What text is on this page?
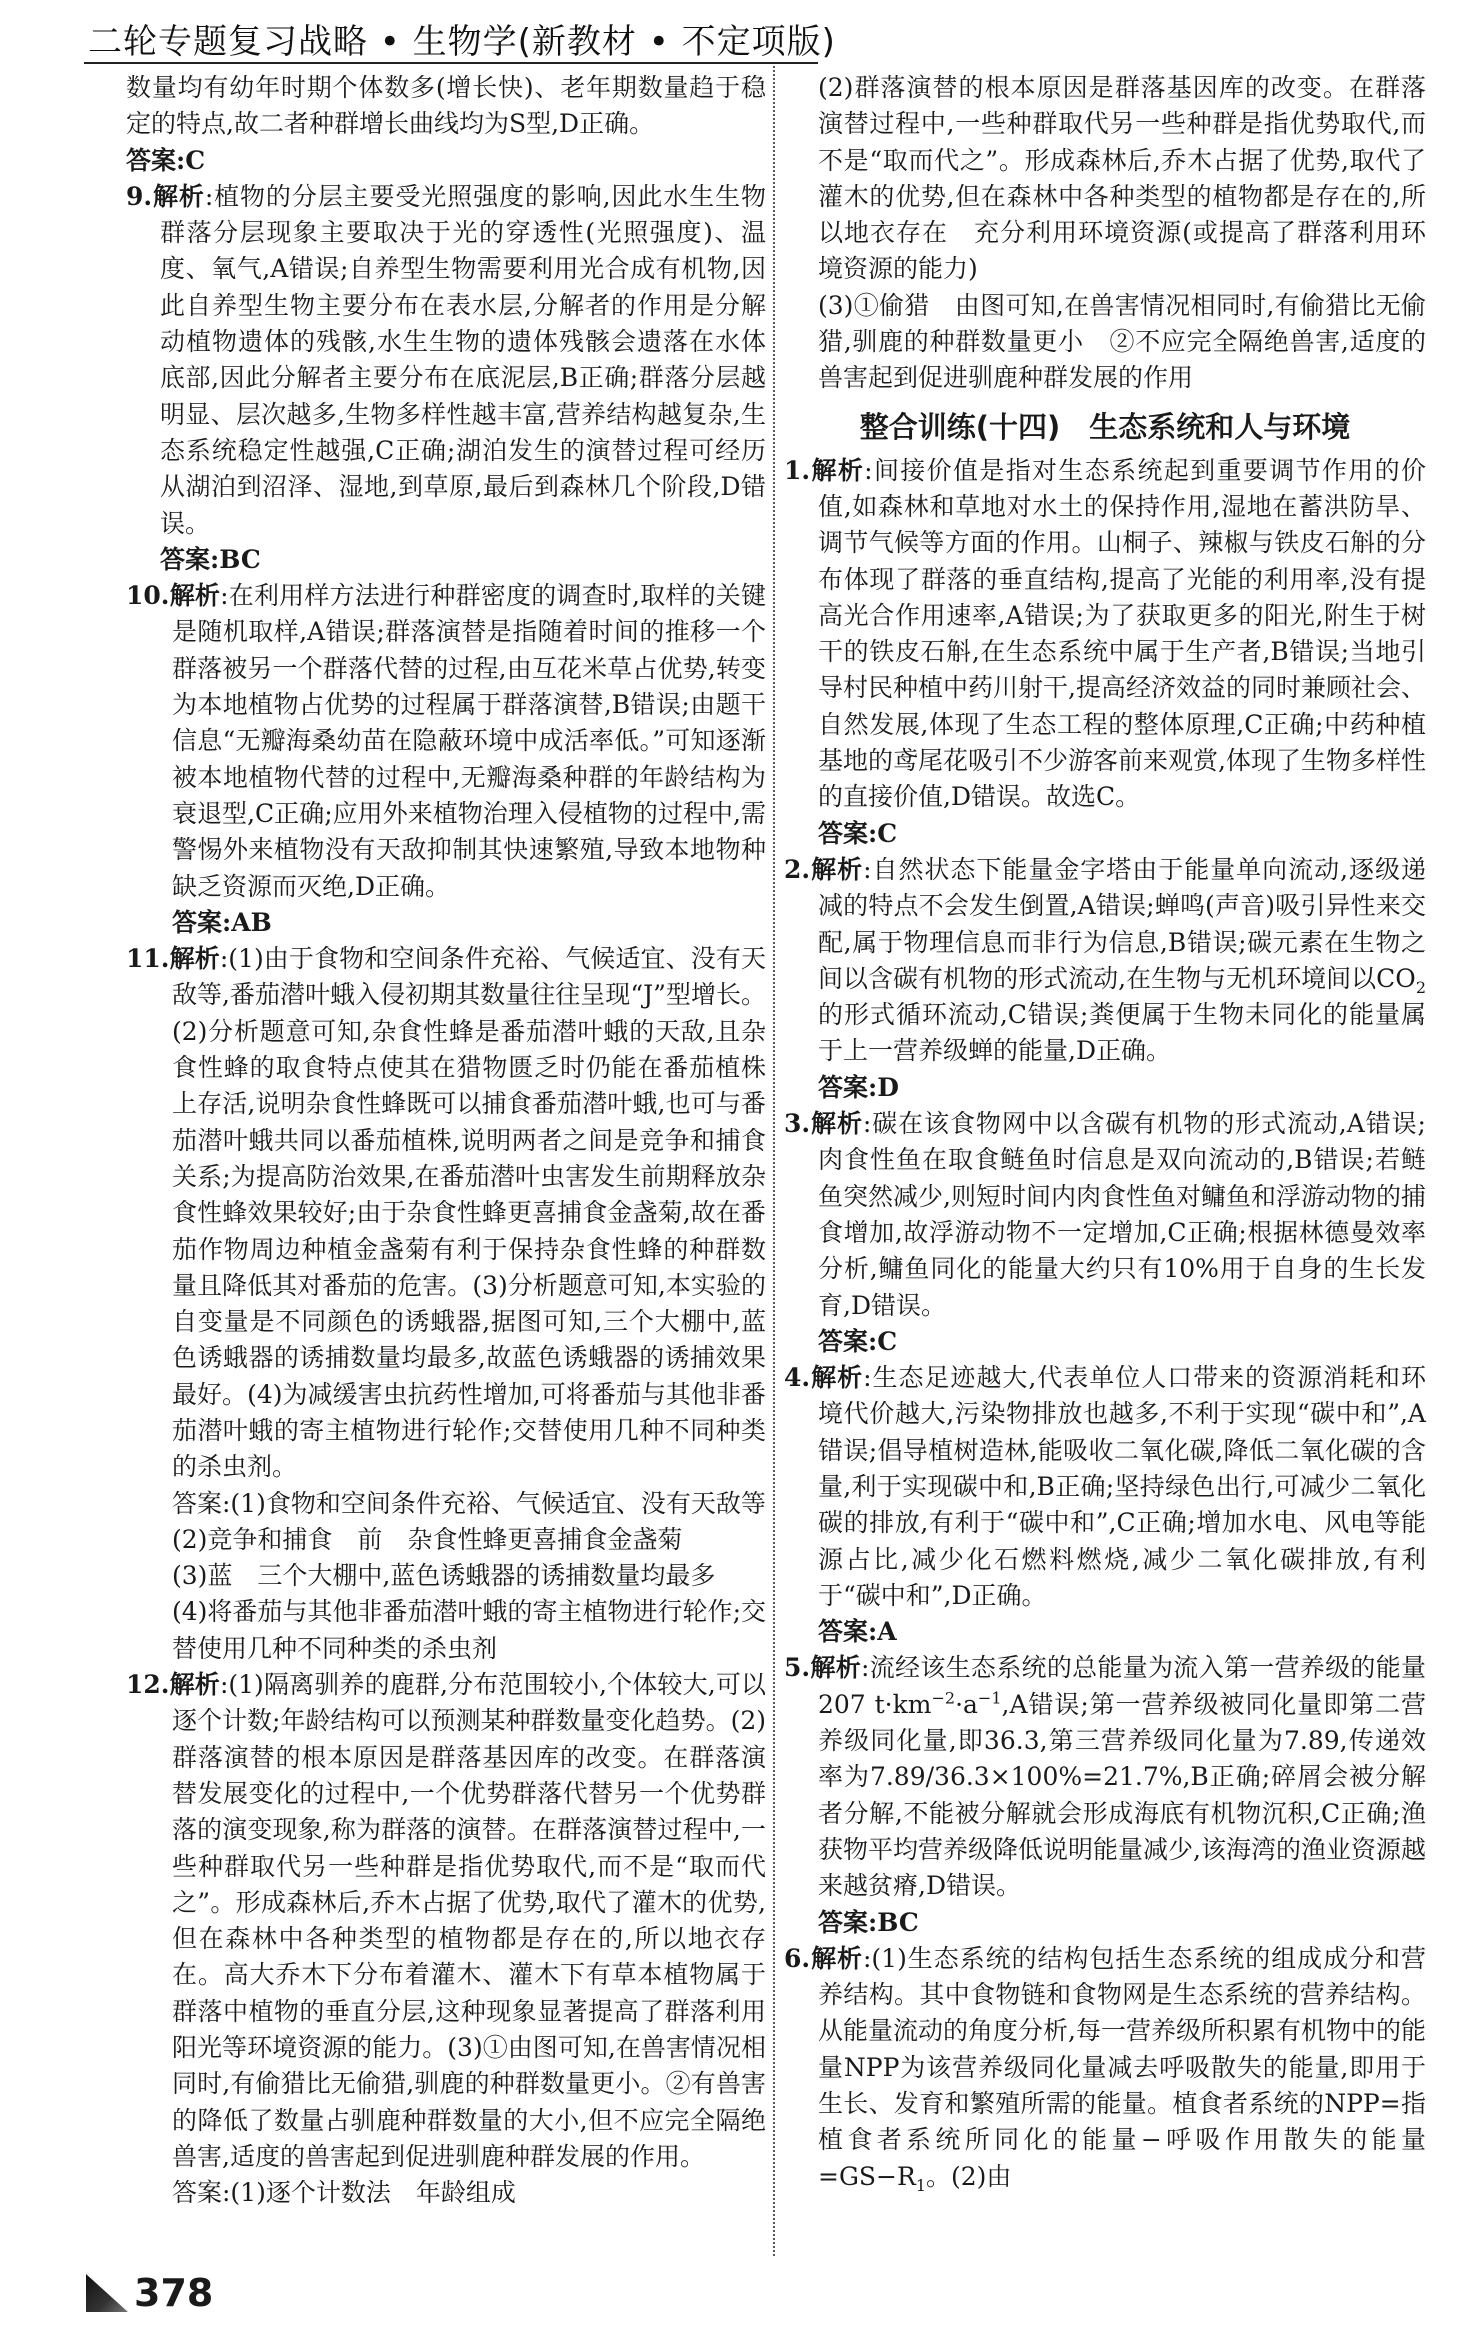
二轮专题复习战略 • 生物学(新教材 • 不定项版)

数量均有幼年时期个体数多(增长快)、老年期数量趋于稳定的特点,故二者种群增长曲线均为S型,D正确。

答案:C

9.解析:植物的分层主要受光照强度的影响,因此水生生物群落分层现象主要取决于光的穿透性(光照强度)、温度、氧气,A错误;自养型生物需要利用光合成有机物,因此自养型生物主要分布在表水层,分解者的作用是分解动植物遗体的残骸,水生生物的遗体残骸会遗落在水体底部,因此分解者主要分布在底泥层,B正确;群落分层越明显、层次越多,生物多样性越丰富,营养结构越复杂,生态系统稳定性越强,C正确;湖泊发生的演替过程可经历从湖泊到沼泽、湿地,到草原,最后到森林几个阶段,D错误。

答案:BC

10.解析:在利用样方法进行种群密度的调查时,取样的关键是随机取样,A错误;群落演替是指随着时间的推移一个群落被另一个群落代替的过程,由互花米草占优势,转变为本地植物占优势的过程属于群落演替,B错误;由题干信息“无瓣海桑幼苗在隐蔽环境中成活率低。”可知逐渐被本地植物代替的过程中,无瓣海桑种群的年龄结构为衰退型,C正确;应用外来植物治理入侵植物的过程中,需警惕外来植物没有天敌抑制其快速繁殖,导致本地物种缺乏资源而灭绝,D正确。

答案:AB

11.解析:(1)由于食物和空间条件充裕、气候适宜、没有天敌等,番茄潜叶蛾入侵初期其数量往往呈现“J”型增长。(2)分析题意可知,杂食性蜂是番茄潜叶蛾的天敌,且杂食性蜂的取食特点使其在猎物匮乏时仍能在番茄植株上存活,说明杂食性蜂既可以捕食番茄潜叶蛾,也可与番茄潜叶蛾共同以番茄植株,说明两者之间是竞争和捕食关系;为提高防治效果,在番茄潜叶虫害发生前期释放杂食性蜂效果较好;由于杂食性蜂更喜捕食金盏菊,故在番茄作物周边种植金盏菊有利于保持杂食性蜂的种群数量且降低其对番茄的危害。(3)分析题意可知,本实验的自变量是不同颜色的诱蛾器,据图可知,三个大棚中,蓝色诱蛾器的诱捕数量均最多,故蓝色诱蛾器的诱捕效果最好。(4)为减缓害虫抗药性增加,可将番茄与其他非番茄潜叶蛾的寄主植物进行轮作;交替使用几种不同种类的杀虫剂。

答案:(1)食物和空间条件充裕、气候适宜、没有天敌等

(2)竞争和捕食　前　杂食性蜂更喜捕食金盏菊

(3)蓝　三个大棚中,蓝色诱蛾器的诱捕数量均最多

(4)将番茄与其他非番茄潜叶蛾的寄主植物进行轮作;交替使用几种不同种类的杀虫剂

12.解析:(1)隔离驯养的鹿群,分布范围较小,个体较大,可以逐个计数;年龄结构可以预测某种群数量变化趋势。(2)群落演替的根本原因是群落基因库的改变。在群落演替发展变化的过程中,一个优势群落代替另一个优势群落的演变现象,称为群落的演替。在群落演替过程中,一些种群取代另一些种群是指优势取代,而不是“取而代之”。形成森林后,乔木占据了优势,取代了灌木的优势,但在森林中各种类型的植物都是存在的,所以地衣存在。高大乔木下分布着灌木、灌木下有草本植物属于群落中植物的垂直分层,这种现象显著提高了群落利用阳光等环境资源的能力。(3)①由图可知,在兽害情况相同时,有偷猎比无偷猎,驯鹿的种群数量更小。②有兽害的降低了数量占驯鹿种群数量的大小,但不应完全隔绝兽害,适度的兽害起到促进驯鹿种群发展的作用。

答案:(1)逐个计数法　年龄组成

(2)群落演替的根本原因是群落基因库的改变。在群落演替过程中,一些种群取代另一些种群是指优势取代,而不是“取而代之”。形成森林后,乔木占据了优势,取代了灌木的优势,但在森林中各种类型的植物都是存在的,所以地衣存在　充分利用环境资源(或提高了群落利用环境资源的能力)

(3)①偷猎　由图可知,在兽害情况相同时,有偷猎比无偷猎,驯鹿的种群数量更小　②不应完全隔绝兽害,适度的兽害起到促进驯鹿种群发展的作用

整合训练(十四)　生态系统和人与环境

1.解析:间接价值是指对生态系统起到重要调节作用的价值,如森林和草地对水土的保持作用,湿地在蓄洪防旱、调节气候等方面的作用。山桐子、辣椒与铁皮石斛的分布体现了群落的垂直结构,提高了光能的利用率,没有提高光合作用速率,A错误;为了获取更多的阳光,附生于树干的铁皮石斛,在生态系统中属于生产者,B错误;当地引导村民种植中药川射干,提高经济效益的同时兼顾社会、自然发展,体现了生态工程的整体原理,C正确;中药种植基地的鸢尾花吸引不少游客前来观赏,体现了生物多样性的直接价值,D错误。故选C。

答案:C

2.解析:自然状态下能量金字塔由于能量单向流动,逐级递减的特点不会发生倒置,A错误;蝉鸣(声音)吸引异性来交配,属于物理信息而非行为信息,B错误;碳元素在生物之间以含碳有机物的形式流动,在生物与无机环境间以$CO_2$的形式循环流动,C错误;粪便属于生物未同化的能量属于上一营养级蝉的能量,D正确。

答案:D

3.解析:碳在该食物网中以含碳有机物的形式流动,A错误;肉食性鱼在取食鲢鱼时信息是双向流动的,B错误;若鲢鱼突然减少,则短时间内肉食性鱼对鳙鱼和浮游动物的捕食增加,故浮游动物不一定增加,C正确;根据林德曼效率分析,鳙鱼同化的能量大约只有10%用于自身的生长发育,D错误。

答案:C

4.解析:生态足迹越大,代表单位人口带来的资源消耗和环境代价越大,污染物排放也越多,不利于实现“碳中和”,A错误;倡导植树造林,能吸收二氧化碳,降低二氧化碳的含量,利于实现碳中和,B正确;坚持绿色出行,可减少二氧化碳的排放,有利于“碳中和”,C正确;增加水电、风电等能源占比,减少化石燃料燃烧,减少二氧化碳排放,有利于“碳中和”,D正确。

答案:A

5.解析:流经该生态系统的总能量为流入第一营养级的能量207 $t\cdot km^{-2}\cdot a^{-1},A$错误;第一营养级被同化量即第二营养级同化量,即36.3,第三营养级同化量为7.89,传递效率为7.89/36.3×100%=21.7%,B正确;碎屑会被分解者分解,不能被分解就会形成海底有机物沉积,C正确;渔获物平均营养级降低说明能量减少,该海湾的渔业资源越来越贫瘠,D错误。

答案:BC

6.解析:(1)生态系统的结构包括生态系统的组成成分和营养结构。其中食物链和食物网是生态系统的营养结构。从能量流动的角度分析,每一营养级所积累有机物中的能量NPP为该营养级同化量减去呼吸散失的能量,即用于生长、发育和繁殖所需的能量。植食者系统的NPP=指植食者系统所同化的能量−呼吸作用散失的能量$=GS-R_1$。(2)由

378
